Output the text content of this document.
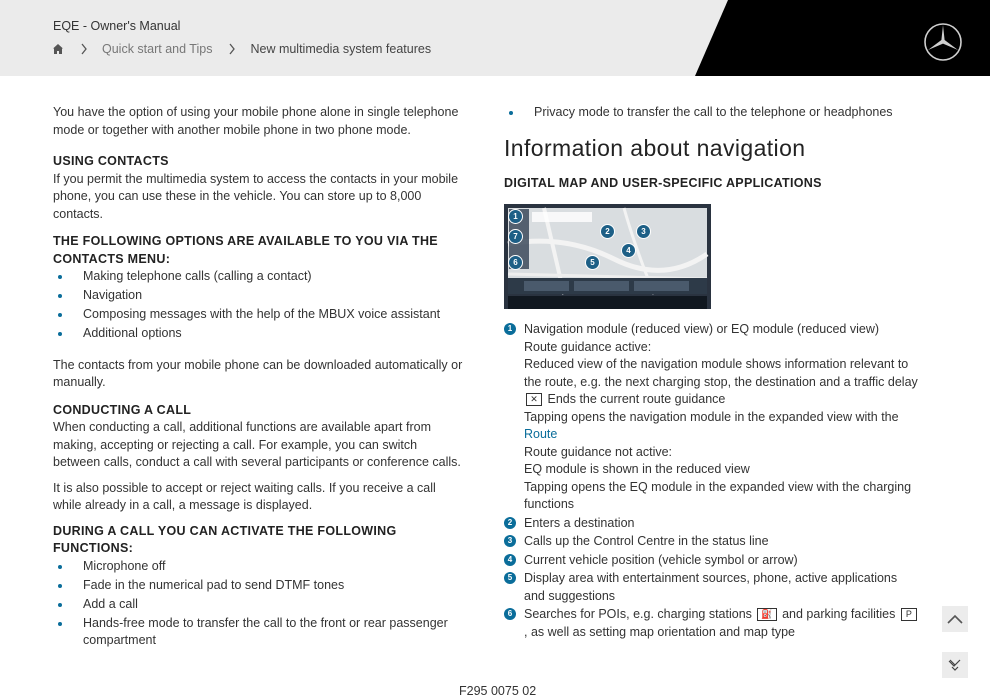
EQE - Owner's Manual
Quick start and Tips	New multimedia system features

You have the option of using your mobile phone alone in single telephone mode or together with another mobile phone in two phone mode.

USING CONTACTS

If you permit the multimedia system to access the contacts in your mobile phone, you can use these in the vehicle. You can store up to 8,000 contacts.

THE FOLLOWING OPTIONS ARE AVAILABLE TO YOU VIA THE CONTACTS MENU:

Making telephone calls (calling a contact)
Navigation
Composing messages with the help of the MBUX voice assistant
Additional options

The contacts from your mobile phone can be downloaded automatically or manually.

CONDUCTING A CALL

When conducting a call, additional functions are available apart from making, accepting or rejecting a call. For example, you can switch between calls, conduct a call with several participants or conference calls.

It is also possible to accept or reject waiting calls. If you receive a call while already in a call, a message is displayed.

DURING A CALL YOU CAN ACTIVATE THE FOLLOWING FUNCTIONS:

Microphone off
Fade in the numerical pad to send DTMF tones
Add a call
Hands-free mode to transfer the call to the front or rear passenger compartment
Privacy mode to transfer the call to the telephone or headphones
Information about navigation

DIGITAL MAP AND USER-SPECIFIC APPLICATIONS

1
7
6
2	3
4
5
1 Navigation module (reduced view) or EQ module (reduced view)
Route guidance active:
Reduced view of the navigation module shows information relevant to the route, e.g. the next charging stop, the destination and a traffic delay
✕ Ends the current route guidance
Tapping opens the navigation module in the expanded view with the Route
Route guidance not active:
EQ module is shown in the reduced view
Tapping opens the EQ module in the expanded view with the charging functions
2 Enters a destination
3 Calls up the Control Centre in the status line
4 Current vehicle position (vehicle symbol or arrow)
5 Display area with entertainment sources, phone, active applications and suggestions
6 Searches for POIs, e.g. charging stations ⛽ and parking facilities P, as well as setting map orientation and map type
F295 0075 02
